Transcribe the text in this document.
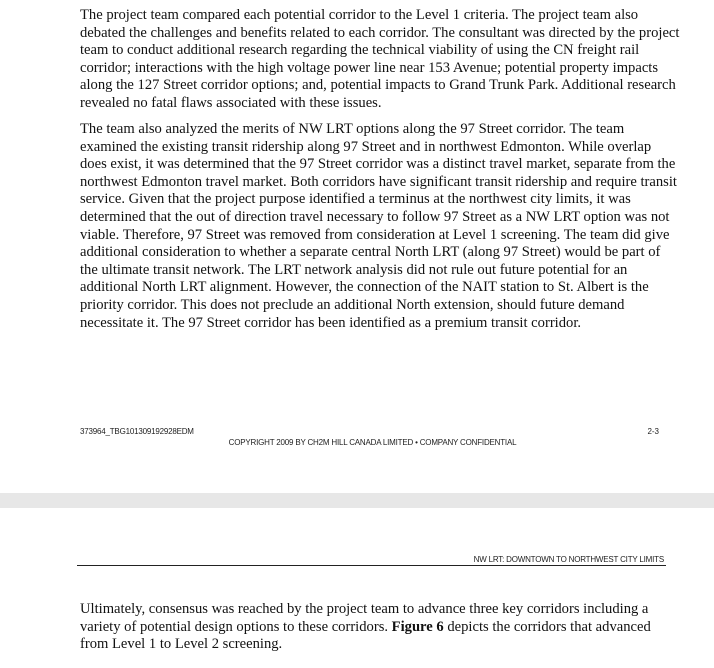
The project team compared each potential corridor to the Level 1 criteria. The project team also debated the challenges and benefits related to each corridor. The consultant was directed by the project team to conduct additional research regarding the technical viability of using the CN freight rail corridor; interactions with the high voltage power line near 153 Avenue; potential property impacts along the 127 Street corridor options; and, potential impacts to Grand Trunk Park. Additional research revealed no fatal flaws associated with these issues.

The team also analyzed the merits of NW LRT options along the 97 Street corridor. The team examined the existing transit ridership along 97 Street and in northwest Edmonton. While overlap does exist, it was determined that the 97 Street corridor was a distinct travel market, separate from the northwest Edmonton travel market. Both corridors have significant transit ridership and require transit service. Given that the project purpose identified a terminus at the northwest city limits, it was determined that the out of direction travel necessary to follow 97 Street as a NW LRT option was not viable. Therefore, 97 Street was removed from consideration at Level 1 screening. The team did give additional consideration to whether a separate central North LRT (along 97 Street) would be part of the ultimate transit network. The LRT network analysis did not rule out future potential for an additional North LRT alignment. However, the connection of the NAIT station to St. Albert is the priority corridor. This does not preclude an additional North extension, should future demand necessitate it. The 97 Street corridor has been identified as a premium transit corridor.

373964_TBG101309192928EDM	2-3
COPYRIGHT 2009 BY CH2M HILL CANADA LIMITED • COMPANY CONFIDENTIAL
NW LRT: DOWNTOWN TO NORTHWEST CITY LIMITS

Ultimately, consensus was reached by the project team to advance three key corridors including a variety of potential design options to these corridors. Figure 6 depicts the corridors that advanced from Level 1 to Level 2 screening.
